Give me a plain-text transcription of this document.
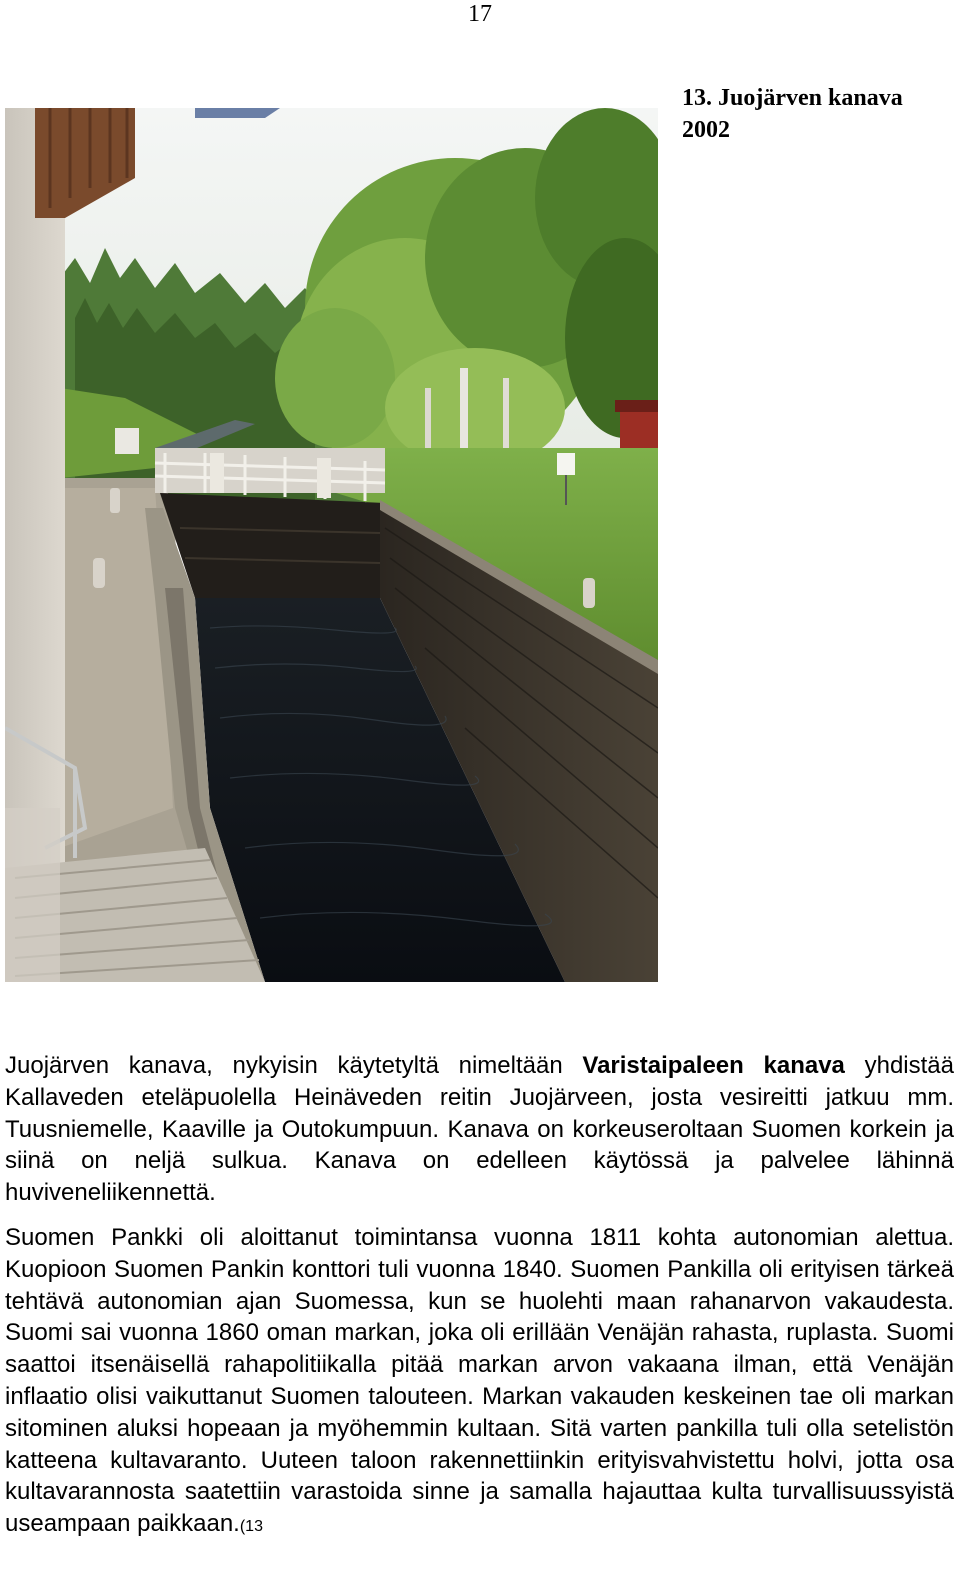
17
13. Juojärven kanava
2002

Juojärven kanava, nykyisin käytetyltä nimeltään Varistaipaleen kanava yhdistää Kallaveden eteläpuolella Heinäveden reitin Juojärveen, josta vesireitti jatkuu mm. Tuusniemelle, Kaaville ja Outokumpuun. Kanava on korkeuseroltaan Suomen korkein ja siinä on neljä sulkua. Kanava on edelleen käytössä ja palvelee lähinnä huviveneliikennettä.

Suomen Pankki oli aloittanut toimintansa vuonna 1811 kohta autonomian alettua. Kuopioon Suomen Pankin konttori tuli vuonna 1840. Suomen Pankilla oli erityisen tärkeä tehtävä autonomian ajan Suomessa, kun se huolehti maan rahanarvon vakaudesta. Suomi sai vuonna 1860 oman markan, joka oli erillään Venäjän rahasta, ruplasta. Suomi saattoi itsenäisellä rahapolitiikalla pitää markan arvon vakaana ilman, että Venäjän inflaatio olisi vaikuttanut Suomen talouteen. Markan vakauden keskeinen tae oli markan sitominen aluksi hopeaan ja myöhemmin kultaan. Sitä varten pankilla tuli olla setelistön katteena kultavaranto. Uuteen taloon rakennettiinkin erityisvahvistettu holvi, jotta osa kultavarannosta saatettiin varastoida sinne ja samalla hajauttaa kulta turvallisuussyistä useampaan paikkaan.(13
